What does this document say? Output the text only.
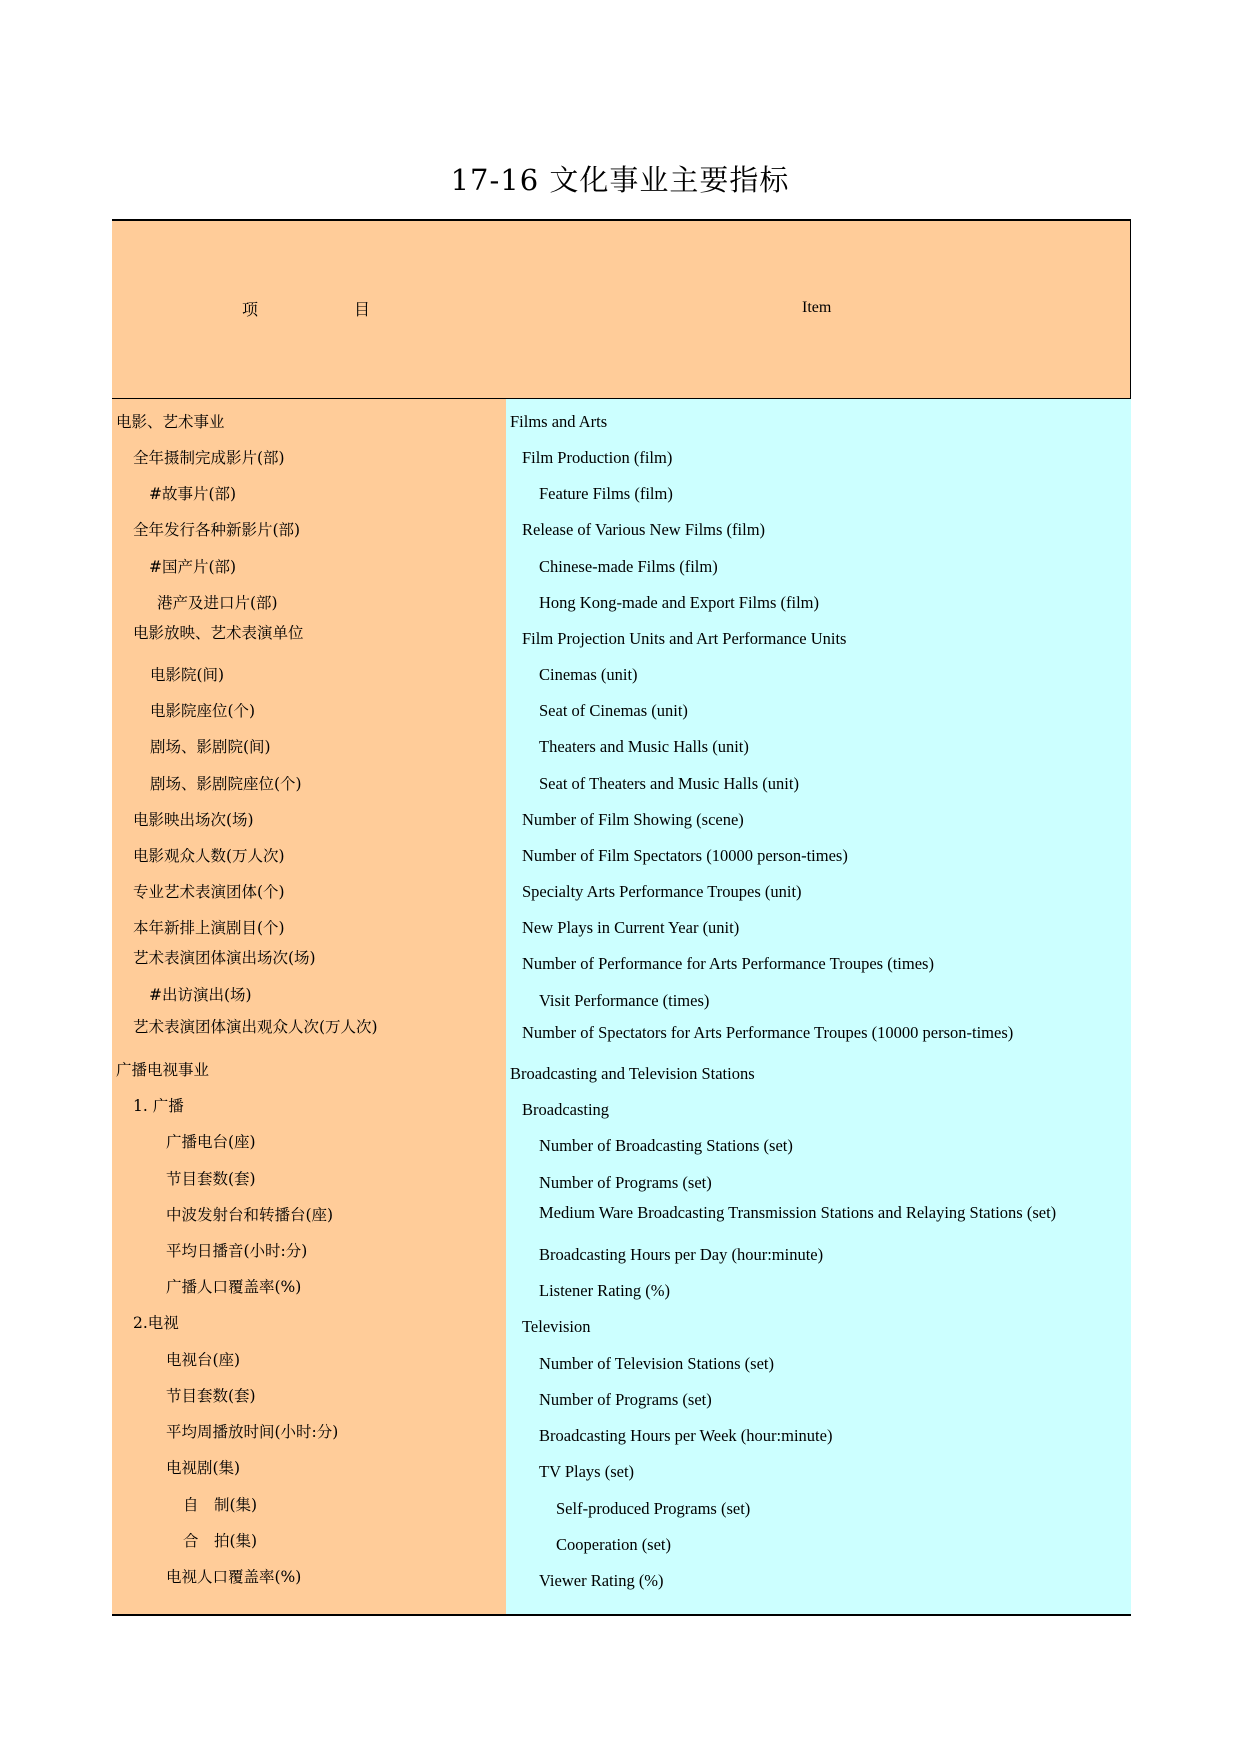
17-16 文化事业主要指标
项	目	Item
电影、艺术事业
全年摄制完成影片(部)
#故事片(部)
全年发行各种新影片(部)
#国产片(部)
港产及进口片(部)
电影放映、艺术表演单位
电影院(间)
电影院座位(个)
剧场、影剧院(间)
剧场、影剧院座位(个)
电影映出场次(场)
电影观众人数(万人次)
专业艺术表演团体(个)
本年新排上演剧目(个)
艺术表演团体演出场次(场)
#出访演出(场)
艺术表演团体演出观众人次(万人次)
广播电视事业
1. 广播
广播电台(座)
节目套数(套)
中波发射台和转播台(座)
平均日播音(小时:分)
广播人口覆盖率(%)
2.电视
电视台(座)
节目套数(套)
平均周播放时间(小时:分)
电视剧(集)
自　制(集)
合　拍(集)
电视人口覆盖率(%)
Films and Arts
Film Production (film)
Feature Films (film)
Release of Various New Films (film)
Chinese-made Films (film)
Hong Kong-made and Export Films (film)
Film Projection Units and Art Performance Units
Cinemas (unit)
Seat of Cinemas (unit)
Theaters and Music Halls (unit)
Seat of Theaters and Music Halls (unit)
Number of Film Showing (scene)
Number of Film Spectators (10000 person-times)
Specialty Arts Performance Troupes (unit)
New Plays in Current Year (unit)
Number of Performance for Arts Performance Troupes (times)
Visit Performance (times)
Number of Spectators for Arts Performance Troupes (10000 person-times)
Broadcasting and Television Stations
Broadcasting
Number of Broadcasting Stations (set)
Number of Programs (set)
Medium Ware Broadcasting Transmission Stations and Relaying Stations (set)
Broadcasting Hours per Day (hour:minute)
Listener Rating (%)
Television
Number of Television Stations (set)
Number of Programs (set)
Broadcasting Hours per Week (hour:minute)
TV Plays (set)
Self-produced Programs (set)
Cooperation (set)
Viewer Rating (%)
